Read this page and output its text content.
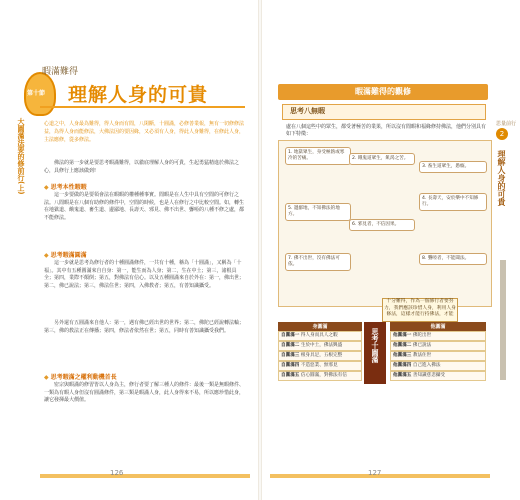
第十節
暇滿難得
理解人身的可貴
大圓滿法要的修前行(上)	心道之中，人身最為難得，得人身而有閒，八閑斷，十圓滿，必修善業報，無有一切修修法益，為得人身而能修法，大佛法因的要因緣，又必須有人身，得此人身難得，在修此人身，主法應修，從多修法。
佛法的第一步就是要思考暇滿難得，以徹底理解人身的可貴，生起勇猛精進於佛法之心，具修行上應該做到!
◆ 思考本性暇暇
這一步要做的是要領會法在暇暇的權種種事實。閒暇是在人生中具有空閒的可修行之法。八閒暇是在八個有助修的條件中，空閒的時候，也是人在修行之中比較空閒。如，轉生在地獄道、餓鬼道、畜生道、邊鄙地、長壽天、邪見、佛不出世、聾啞的八種不修之處，都不能修法。
◆ 思考暇滿圓滿
這一步就是思考為修行者的十種圓滿條件，一共有十種，稱為「十圓滿」，又稱為「十福」。其中有五種圓滿來自自身：第一，能生而為人身；第二，生在中土；第三，諸根具全；第四，業際不顛倒；第五，對佛法有信心。以及五種圓滿來自於外在：第一，佛出世；第二，佛已說法；第三，佛法住世；第四，入佛教者；第五，有善知識攝受。
另外還有五圓滿來自他人：第一，遇有佛已經出世的世界；第二，佛陀已經說轉法輪；第三，佛的教法正在傳播；第四，修法者依然在世；第五，同時有善知識攝受我們。
◆ 思考暇滿之權利動機首長
密宗與暇滿的修習皆以人身為主，修行者要了解三種人的條件：最後一類是無暇條件、一類為有暇人身但沒有圓滿條件，第三類是暇滿人身，此人身得來不易，所以應珍惜此身，讓它發揮最大價值。
126
暇滿難得的觀修
思考八無暇
處在八個這些中的眾生，都受著極苦的業果，所以沒有閒暇和福緣修持佛法，他們分別具有如下特徵：
1. 地獄眾生，身受極熱或寒冷的苦痛。	2. 餓鬼道眾生，飢渴之苦。
3. 畜生道眾生，愚癡。
4. 長壽天，安於樂中不知修行。
5. 邊鄙地，不知佛法的地方。
6. 邪見者，不信因果。
7. 佛不出世，沒有佛法可依。
8. 聾啞者，不能聞法。
十分難得，作為一個修行者要努力，我們應該珍惜人身，利用人身修法，這樣才能行持佛法，才能
身圓滿
自圓滿一 得人身而具人之暇
自圓滿二 生於中土，佛法興盛
自圓滿三 根身具足，五根完整
自圓滿四 不造惡業、無邪見
自圓滿五 信心圓滿，對佛法有信
思考十圓滿
他圓滿
他圓滿一 佛陀出世
他圓滿二 佛已說法
他圓滿三 教法住世
他圓滿四 自己進入佛法
他圓滿五 善知識慈悲攝受
思量前行
2
理解人身的可貴
127
